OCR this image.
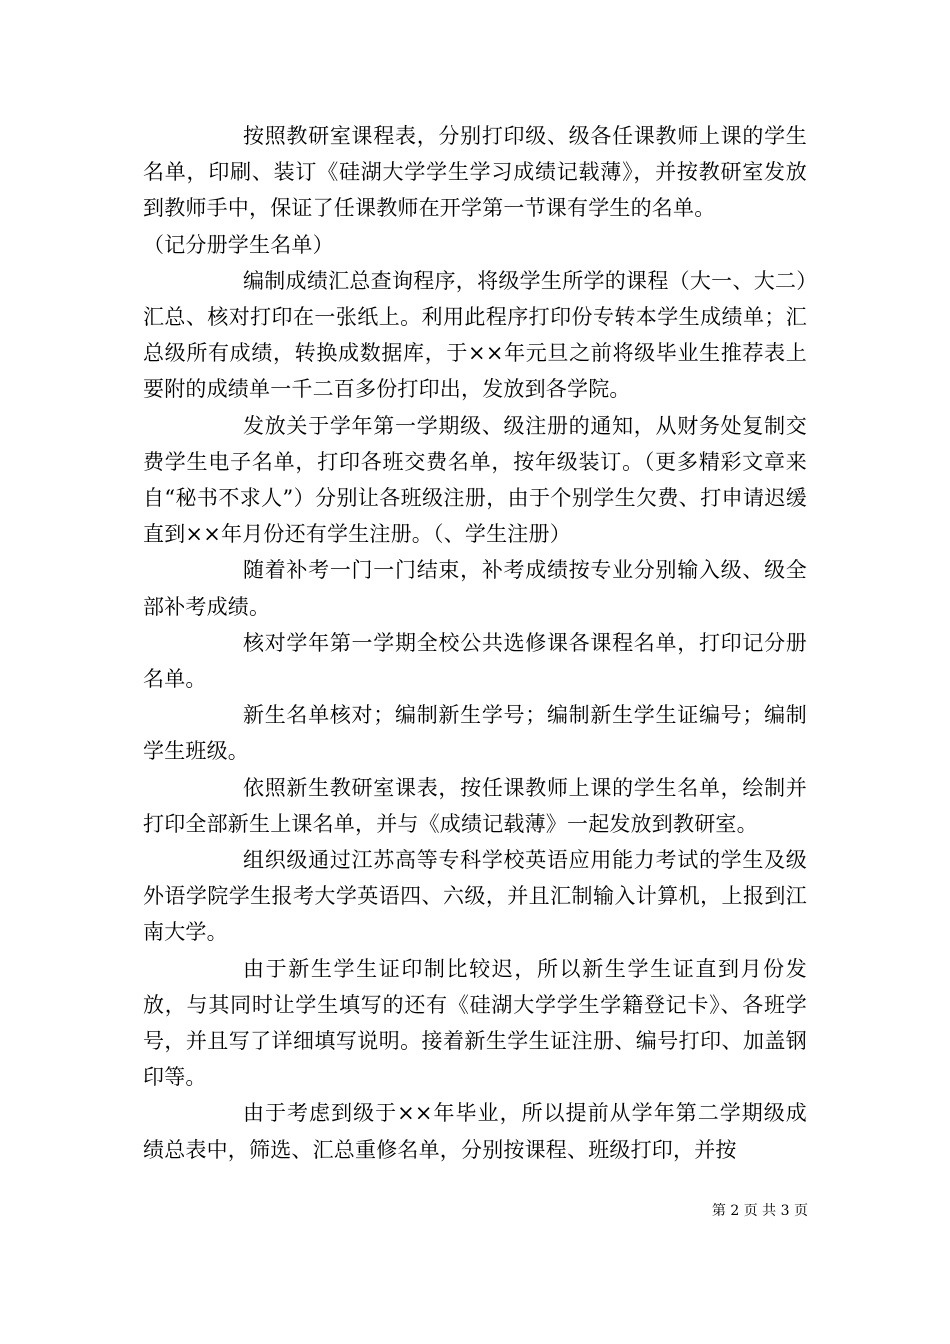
按照教研室课程表，分别打印级、级各任课教师上课的学生名单，印刷、装订《硅湖大学学生学习成绩记载薄》，并按教研室发放到教师手中，保证了任课教师在开学第一节课有学生的名单。

（记分册学生名单）

编制成绩汇总查询程序，将级学生所学的课程（大一、大二）汇总、核对打印在一张纸上。利用此程序打印份专转本学生成绩单；汇总级所有成绩，转换成数据库，于××年元旦之前将级毕业生推荐表上要附的成绩单一千二百多份打印出，发放到各学院。

发放关于学年第一学期级、级注册的通知，从财务处复制交费学生电子名单，打印各班交费名单，按年级装订。（更多精彩文章来自“秘书不求人”）分别让各班级注册，由于个别学生欠费、打申请迟缓直到××年月份还有学生注册。（、学生注册）

随着补考一门一门结束，补考成绩按专业分别输入级、级全部补考成绩。

核对学年第一学期全校公共选修课各课程名单，打印记分册名单。

新生名单核对；编制新生学号；编制新生学生证编号；编制学生班级。

依照新生教研室课表，按任课教师上课的学生名单，绘制并打印全部新生上课名单，并与《成绩记载薄》一起发放到教研室。

组织级通过江苏高等专科学校英语应用能力考试的学生及级外语学院学生报考大学英语四、六级，并且汇制输入计算机，上报到江南大学。

由于新生学生证印制比较迟，所以新生学生证直到月份发放，与其同时让学生填写的还有《硅湖大学学生学籍登记卡》、各班学号，并且写了详细填写说明。接着新生学生证注册、编号打印、加盖钢印等。

由于考虑到级于××年毕业，所以提前从学年第二学期级成绩总表中，筛选、汇总重修名单，分别按课程、班级打印，并按

第 2 页 共 3 页
